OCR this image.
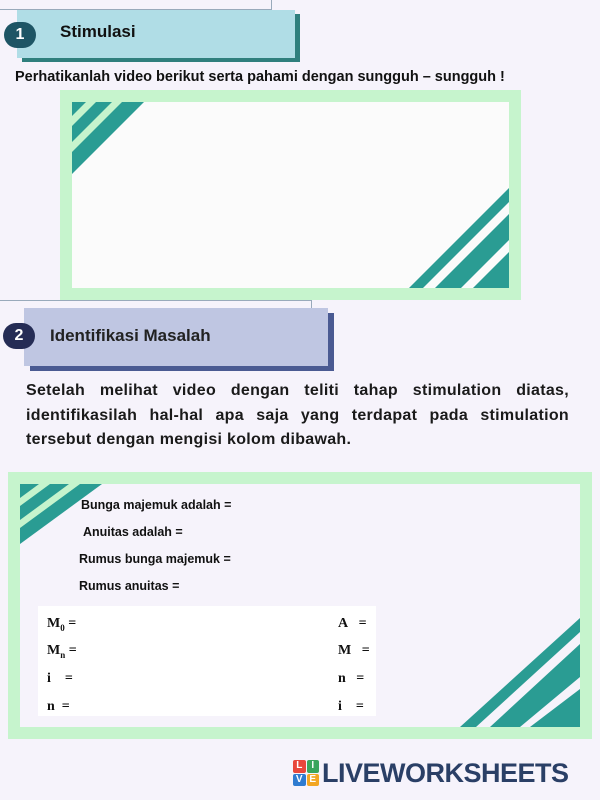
1	Stimulasi
Perhatikanlah video berikut serta pahami dengan sungguh – sungguh !
2	Identifikasi Masalah
Setelah melihat video dengan teliti tahap stimulation diatas, identifikasilah hal-hal apa saja yang terdapat pada stimulation tersebut dengan mengisi kolom dibawah.
Bunga majemuk adalah =
Anuitas adalah =
Rumus bunga majemuk =
Rumus anuitas =
$M_0$ =
$M_n$ =
i =
n =
A =
M =
n =
i =
L I
V E LIVEWORKSHEETS
